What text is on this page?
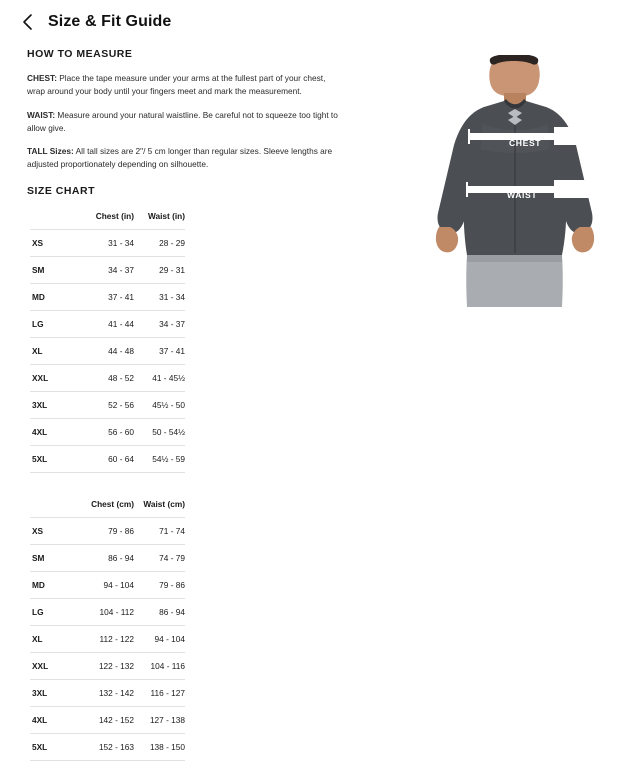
Size & Fit Guide
HOW TO MEASURE

CHEST: Place the tape measure under your arms at the fullest part of your chest, wrap around your body until your fingers meet and mark the measurement.

WAIST: Measure around your natural waistline. Be careful not to squeeze too tight to allow give.

TALL Sizes: All tall sizes are 2"/ 5 cm longer than regular sizes. Sleeve lengths are adjusted proportionately depending on silhouette.

SIZE CHART
	Chest (in)	Waist (in)
XS	31 - 34	28 - 29
SM	34 - 37	29 - 31
MD	37 - 41	31 - 34
LG	41 - 44	34 - 37
XL	44 - 48	37 - 41
XXL	48 - 52	41 - 45½
3XL	52 - 56	45½ - 50
4XL	56 - 60	50 - 54½
5XL	60 - 64	54½ - 59
	Chest (cm)	Waist (cm)
XS	79 - 86	71 - 74
SM	86 - 94	74 - 79
MD	94 - 104	79 - 86
LG	104 - 112	86 - 94
XL	112 - 122	94 - 104
XXL	122 - 132	104 - 116
3XL	132 - 142	116 - 127
4XL	142 - 152	127 - 138
5XL	152 - 163	138 - 150
CHEST
WAIST
